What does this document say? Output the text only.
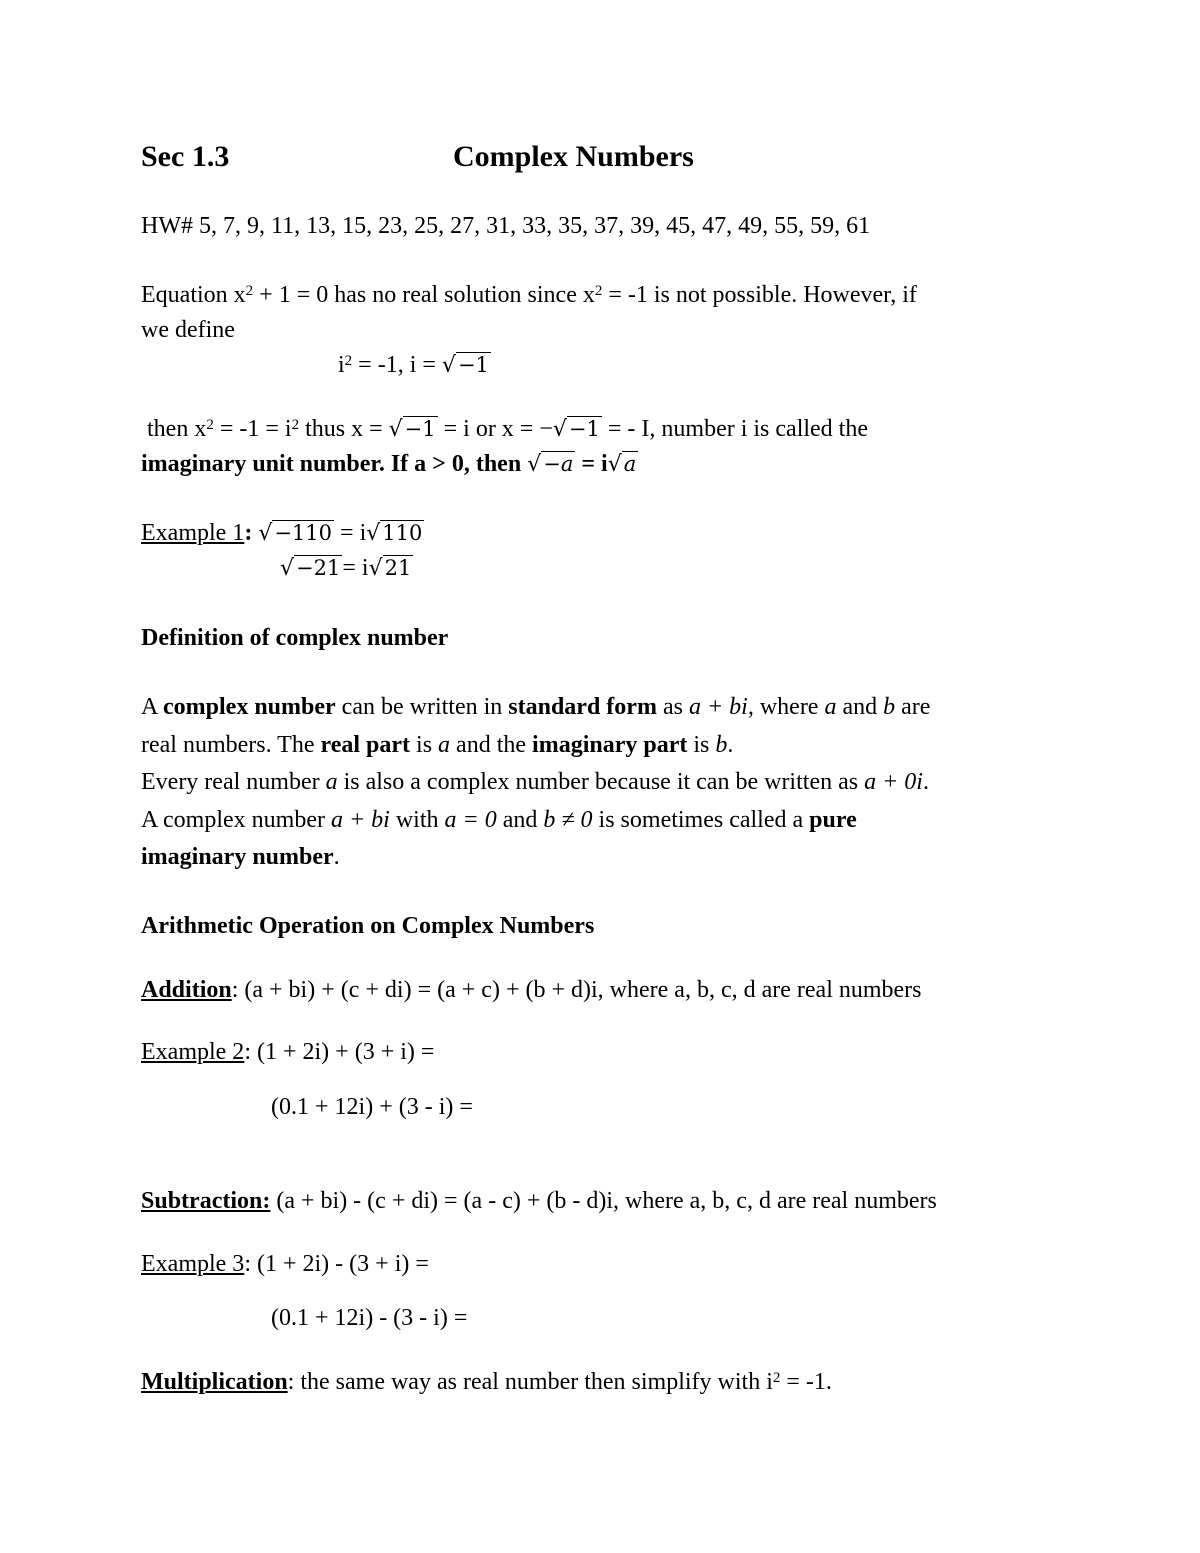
Sec 1.3	Complex Numbers
HW# 5, 7, 9, 11, 13, 15, 23, 25, 27, 31, 33, 35, 37, 39, 45, 47, 49, 55, 59, 61
Equation $x^2 + 1 = 0$ has no real solution since $x^2 = -1$ is not possible. However, if
we define
$i^2 = -1$, i = √−1
then $x^2 = -1 = i^2$ thus x = √−1 = i or x = −√−1 = - I, number i is called the
imaginary unit number. If a > 0, then √−a = i√a
Example 1: √−110 = i√110
√−21= i√21
Definition of complex number
A complex number can be written in standard form as a + bi, where a and b are
real numbers. The real part is a and the imaginary part is b.
Every real number a is also a complex number because it can be written as a + 0i.
A complex number a + bi with a = 0 and b ≠ 0 is sometimes called a pure
imaginary number.
Arithmetic Operation on Complex Numbers
Addition: (a + bi) + (c + di) = (a + c) + (b + d)i, where a, b, c, d are real numbers
Example 2: (1 + 2i) + (3 + i) =
(0.1 + 12i) + (3 - i) =
Subtraction: (a + bi) - (c + di) = (a - c) + (b - d)i, where a, b, c, d are real numbers
Example 3: (1 + 2i) - (3 + i) =
(0.1 + 12i) - (3 - i) =
Multiplication: the same way as real number then simplify with $i^2 = -1$.
